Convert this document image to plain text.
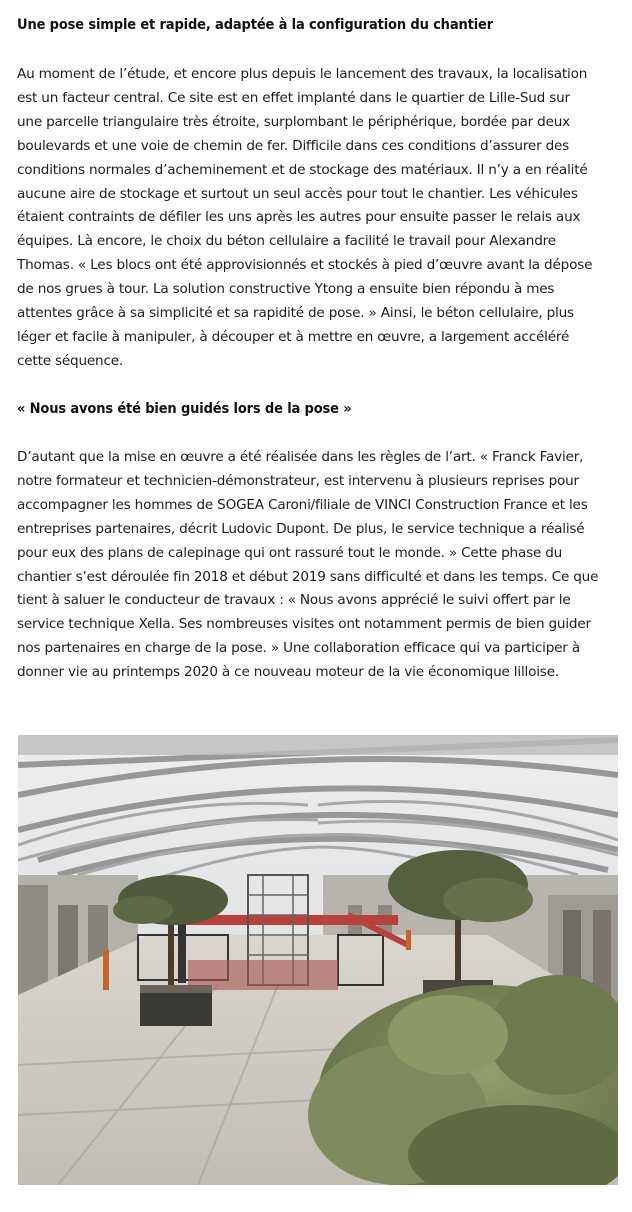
Une pose simple et rapide, adaptée à la configuration du chantier

Au moment de l’étude, et encore plus depuis le lancement des travaux, la localisation
est un facteur central. Ce site est en effet implanté dans le quartier de Lille-Sud sur
une parcelle triangulaire très étroite, surplombant le périphérique, bordée par deux
boulevards et une voie de chemin de fer. Difficile dans ces conditions d’assurer des
conditions normales d’acheminement et de stockage des matériaux. Il n’y a en réalité
aucune aire de stockage et surtout un seul accès pour tout le chantier. Les véhicules
étaient contraints de défiler les uns après les autres pour ensuite passer le relais aux
équipes. Là encore, le choix du béton cellulaire a facilité le travail pour Alexandre
Thomas. « Les blocs ont été approvisionnés et stockés à pied d’œuvre avant la dépose
de nos grues à tour. La solution constructive Ytong a ensuite bien répondu à mes
attentes grâce à sa simplicité et sa rapidité de pose. » Ainsi, le béton cellulaire, plus
léger et facile à manipuler, à découper et à mettre en œuvre, a largement accéléré
cette séquence.

« Nous avons été bien guidés lors de la pose »

D’autant que la mise en œuvre a été réalisée dans les règles de l’art. « Franck Favier,
notre formateur et technicien-démonstrateur, est intervenu à plusieurs reprises pour
accompagner les hommes de SOGEA Caroni/filiale de VINCI Construction France et les
entreprises partenaires, décrit Ludovic Dupont. De plus, le service technique a réalisé
pour eux des plans de calepinage qui ont rassuré tout le monde. » Cette phase du
chantier s’est déroulée fin 2018 et début 2019 sans difficulté et dans les temps. Ce que
tient à saluer le conducteur de travaux : « Nous avons apprécié le suivi offert par le
service technique Xella. Ses nombreuses visites ont notamment permis de bien guider
nos partenaires en charge de la pose. » Une collaboration efficace qui va participer à
donner vie au printemps 2020 à ce nouveau moteur de la vie économique lilloise.
